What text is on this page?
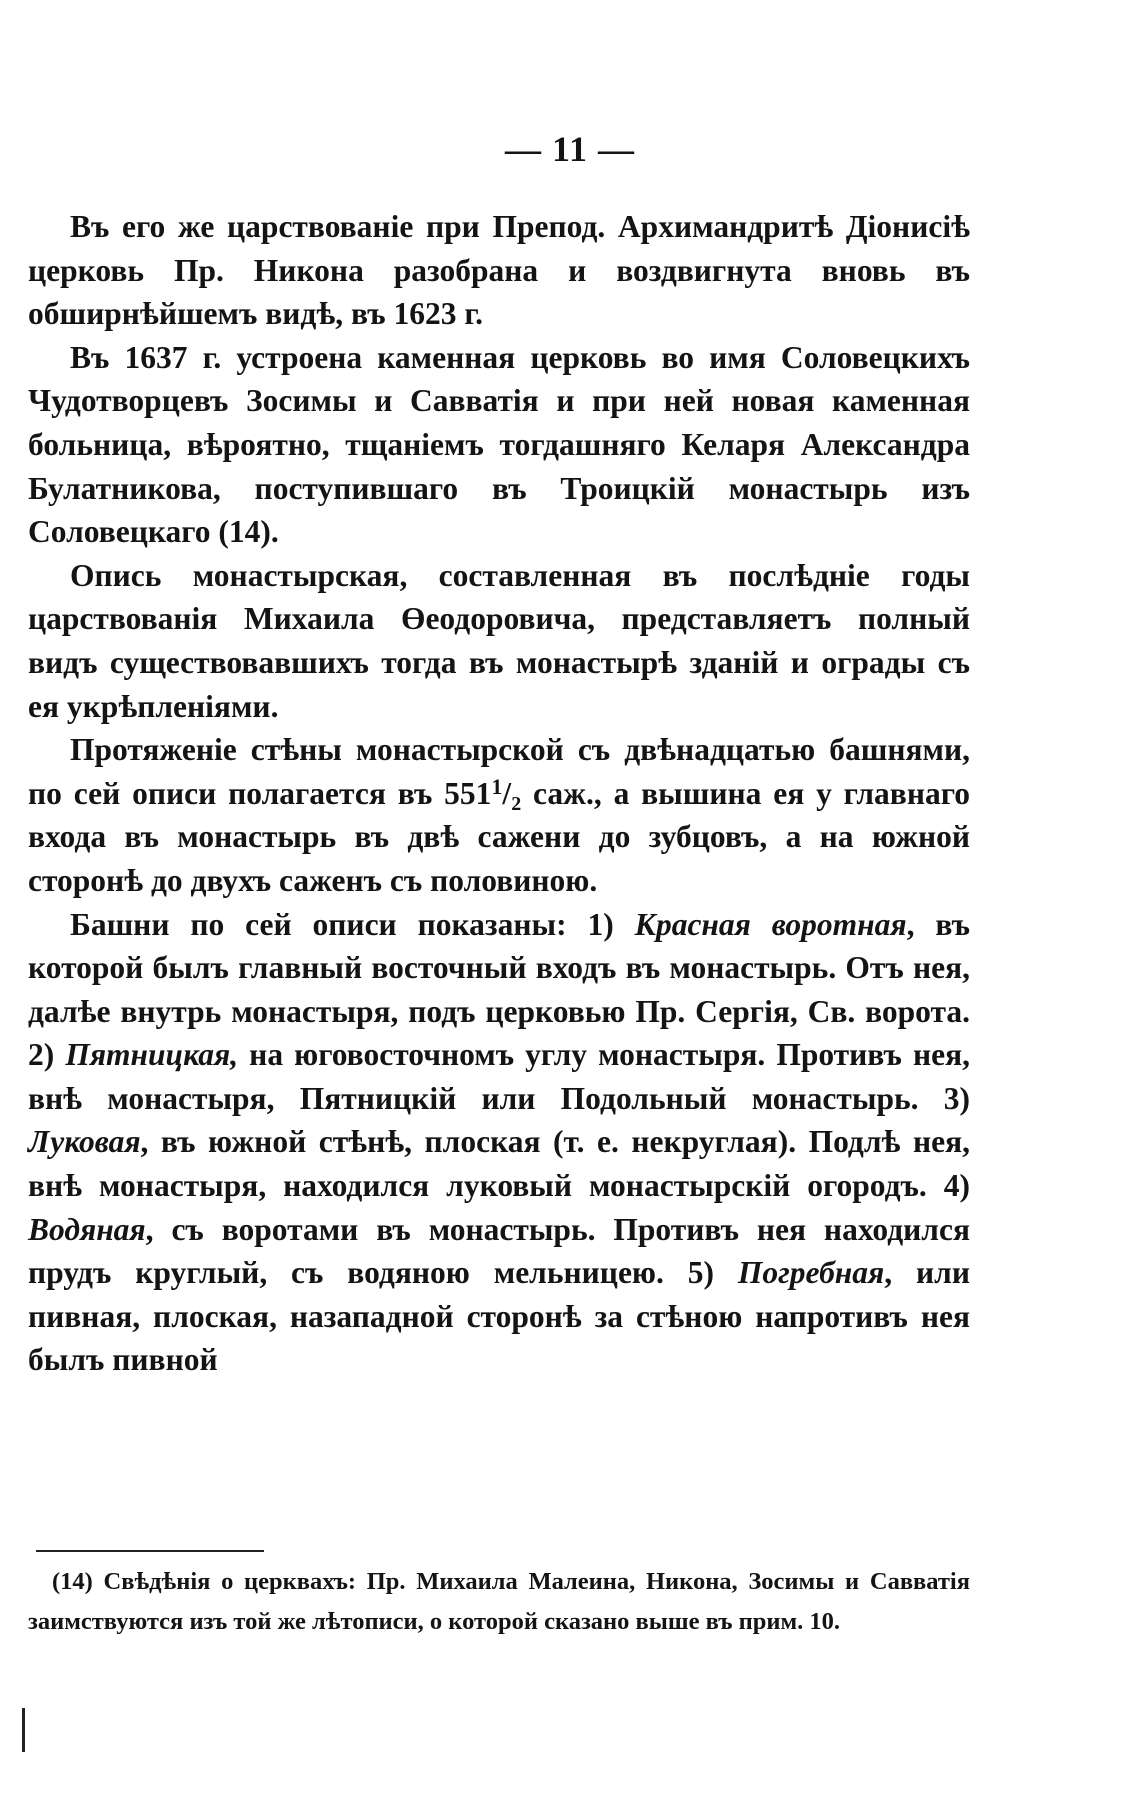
— 11 —

Въ его же царствованіе при Препод. Архимандритѣ Діонисіѣ церковь Пр. Никона разобрана и воздвигнута вновь въ обширнѣйшемъ видѣ, въ 1623 г.

Въ 1637 г. устроена каменная церковь во имя Соловецкихъ Чудотворцевъ Зосимы и Савватія и при ней новая каменная больница, вѣроятно, тщаніемъ тогдашняго Келаря Александра Булатникова, поступившаго въ Троицкій монастырь изъ Соловецкаго (14).

Опись монастырская, составленная въ послѣдніе годы царствованія Михаила Өеодоровича, представляетъ полный видъ существовавшихъ тогда въ монастырѣ зданій и ограды съ ея укрѣпленіями.

Протяженіе стѣны монастырской съ двѣнадцатью башнями, по сей описи полагается въ $551^1/_2$ саж., а вышина ея у главнаго входа въ монастырь въ двѣ сажени до зубцовъ, а на южной сторонѣ до двухъ саженъ съ половиною.

Башни по сей описи показаны: 1) Красная воротная, въ которой былъ главный восточный входъ въ монастырь. Отъ нея, далѣе внутрь монастыря, подъ церковью Пр. Сергія, Св. ворота. 2) Пятницкая, на юговосточномъ углу монастыря. Противъ нея, внѣ монастыря, Пятницкій или Подольный монастырь. 3) Луковая, въ южной стѣнѣ, плоская (т. е. некруглая). Подлѣ нея, внѣ монастыря, находился луковый монастырскій огородъ. 4) Водяная, съ воротами въ монастырь. Противъ нея находился прудъ круглый, съ водяною мельницею. 5) Погребная, или пивная, плоская, назападной сторонѣ за стѣною напротивъ нея былъ пивной

(14) Свѣдѣнія о церквахъ: Пр. Михаила Малеина, Никона, Зосимы и Савватія заимствуются изъ той же лѣтописи, о которой сказано выше въ прим. 10.
